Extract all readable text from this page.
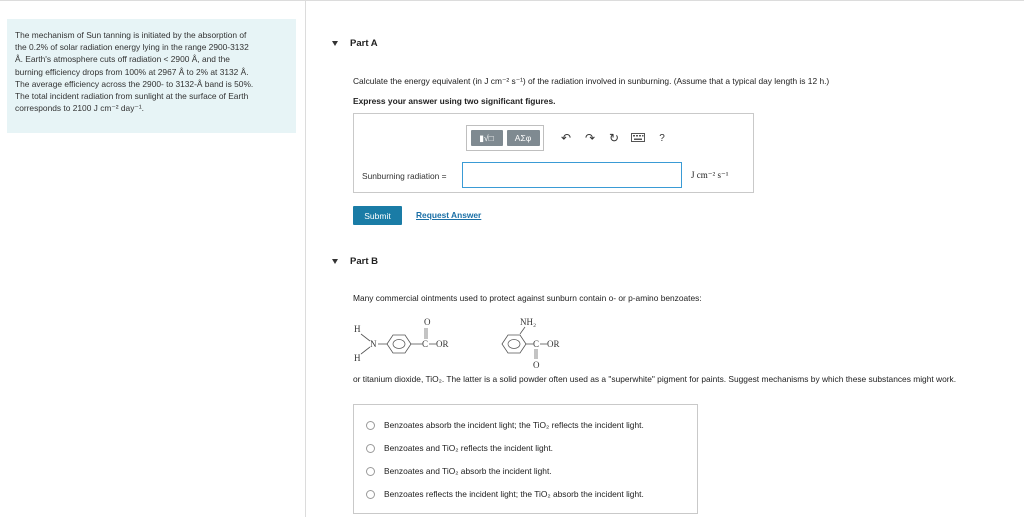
The mechanism of Sun tanning is initiated by the absorption of
the 0.2% of solar radiation energy lying in the range 2900-3132
Å. Earth's atmosphere cuts off radiation < 2900 Å, and the
burning efficiency drops from 100% at 2967 Å to 2% at 3132 Å.
The average efficiency across the 2900- to 3132-Å band is 50%.
The total incident radiation from sunlight at the surface of Earth
corresponds to 2100 J cm⁻² day⁻¹.
Part A
Calculate the energy equivalent (in J cm⁻² s⁻¹) of the radiation involved in sunburning. (Assume that a typical day length is 12 h.)
Express your answer using two significant figures.
▮√□	ΑΣφ	↶	↷	↻	?
Sunburning radiation =	J cm⁻² s⁻¹
Submit	Request Answer
Part B
Many commercial ointments used to protect against sunburn contain o- or p-amino benzoates:
H
H
N	C
O
OR
NH₂
C OR
O
or titanium dioxide, TiO₂. The latter is a solid powder often used as a "superwhite" pigment for paints. Suggest mechanisms by which these substances might work.
Benzoates absorb the incident light; the TiO₂ reflects the incident light.
Benzoates and TiO₂ reflects the incident light.
Benzoates and TiO₂ absorb the incident light.
Benzoates reflects the incident light; the TiO₂ absorb the incident light.
